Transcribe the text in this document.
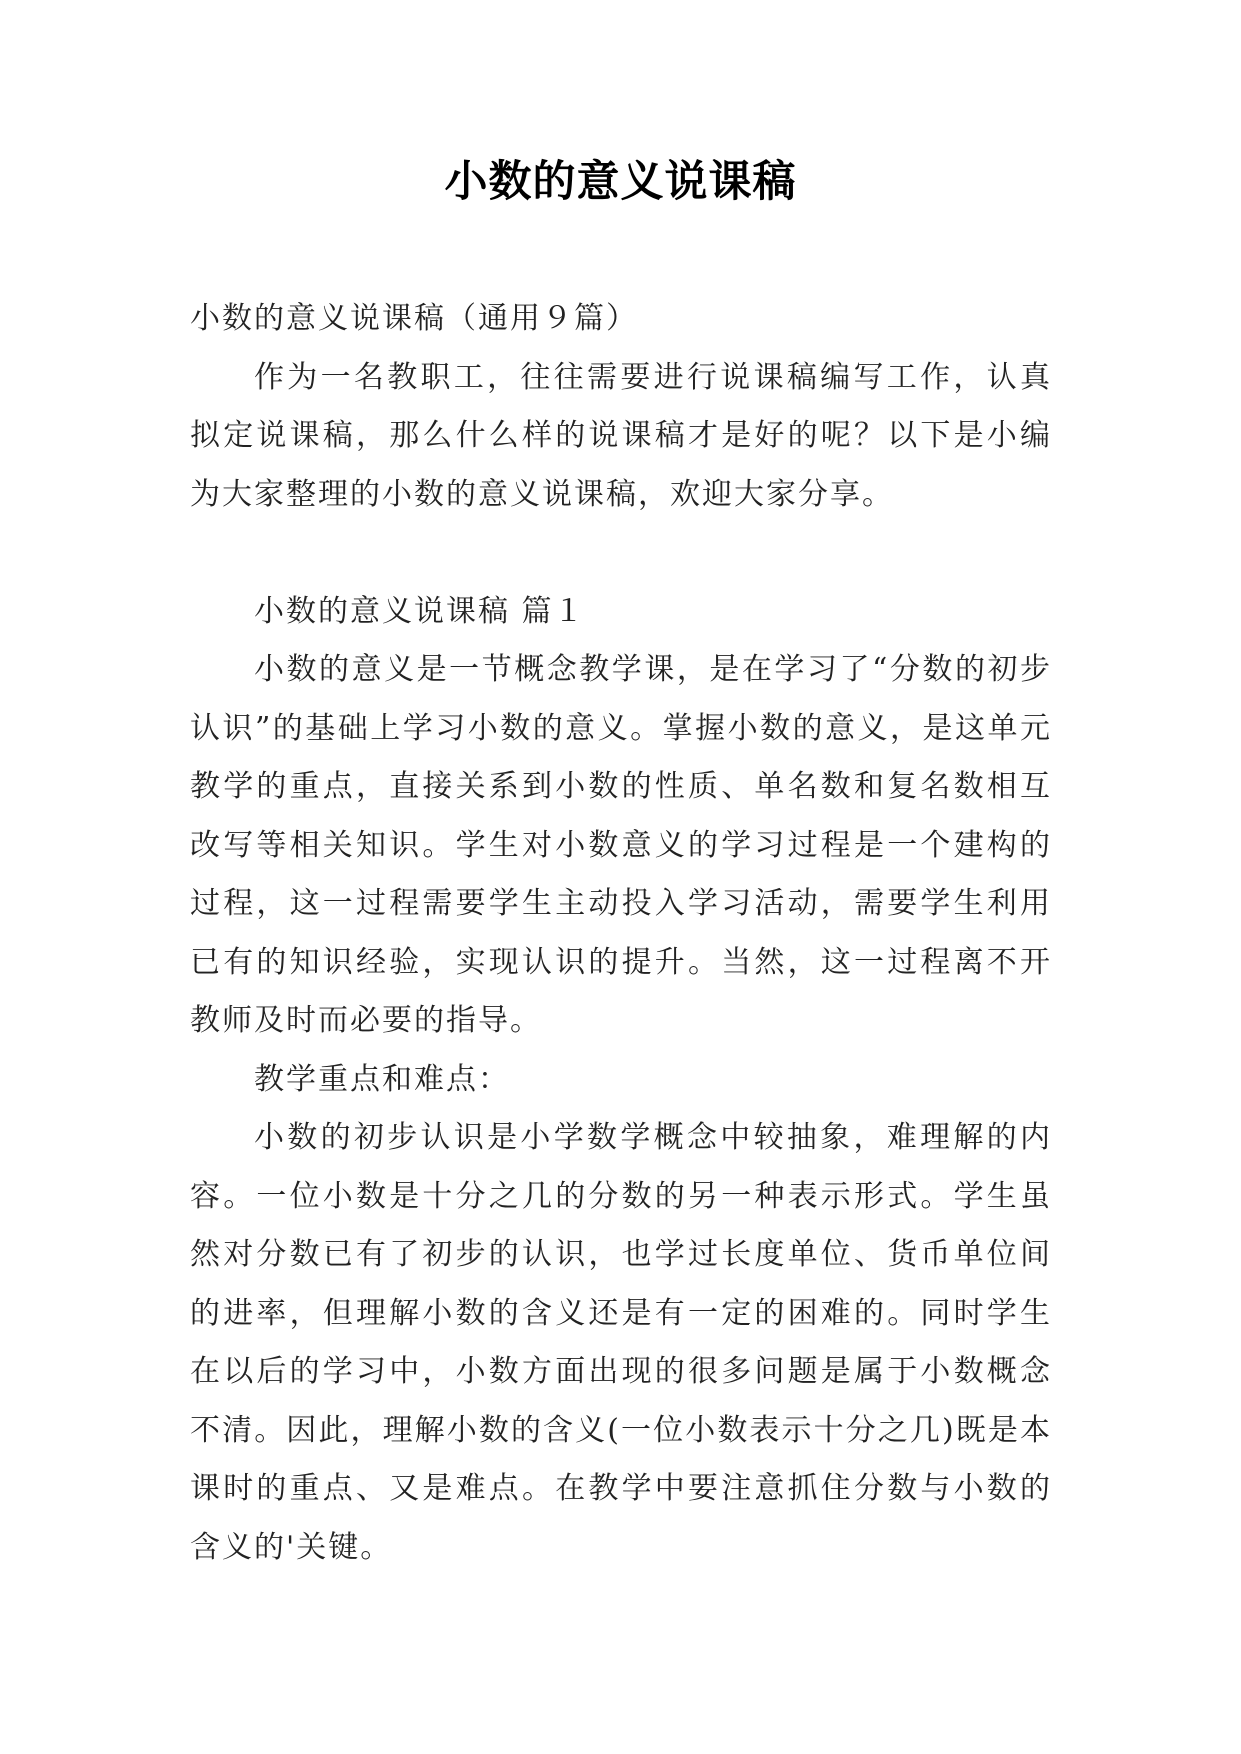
小数的意义说课稿

小数的意义说课稿（通用９篇）

作为一名教职工，往往需要进行说课稿编写工作，认真拟定说课稿，那么什么样的说课稿才是好的呢？以下是小编为大家整理的小数的意义说课稿，欢迎大家分享。

小数的意义说课稿 篇１

小数的意义是一节概念教学课，是在学习了“分数的初步认识”的基础上学习小数的意义。掌握小数的意义，是这单元教学的重点，直接关系到小数的性质、单名数和复名数相互改写等相关知识。学生对小数意义的学习过程是一个建构的过程，这一过程需要学生主动投入学习活动，需要学生利用已有的知识经验，实现认识的提升。当然，这一过程离不开教师及时而必要的指导。

教学重点和难点：

小数的初步认识是小学数学概念中较抽象，难理解的内容。一位小数是十分之几的分数的另一种表示形式。学生虽然对分数已有了初步的认识，也学过长度单位、货币单位间的进率，但理解小数的含义还是有一定的困难的。同时学生在以后的学习中，小数方面出现的很多问题是属于小数概念不清。因此，理解小数的含义(一位小数表示十分之几)既是本课时的重点、又是难点。在教学中要注意抓住分数与小数的含义的'关键。
